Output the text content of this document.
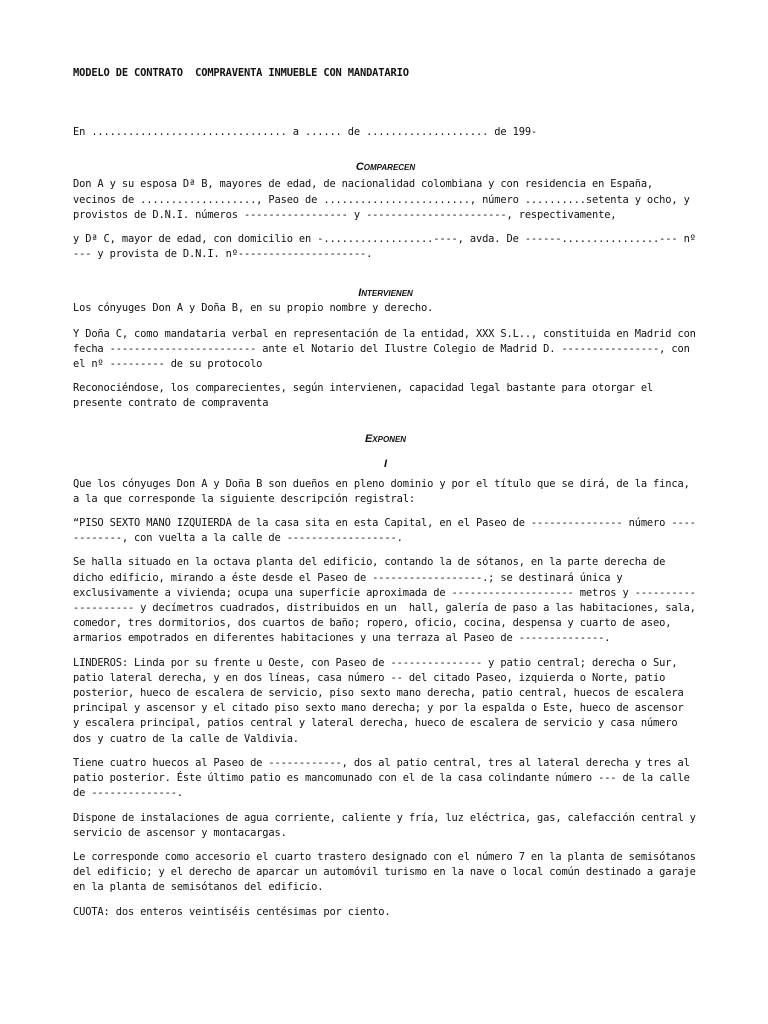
MODELO DE CONTRATO  COMPRAVENTA INMUEBLE CON MANDATARIO

En ................................ a ...... de .................... de 199-

Comparecen

Don A y su esposa Dª B, mayores de edad, de nacionalidad colombiana y con residencia en España, vecinos de ..................., Paseo de ........................, número ..........setenta y ocho, y provistos de D.N.I. números ----------------- y -----------------------, respectivamente,

y Dª C, mayor de edad, con domicilio en -..................----, avda. De ------................--- nº --- y provista de D.N.I. nº---------------------.

Intervienen

Los cónyuges Don A y Doña B, en su propio nombre y derecho.

Y Doña C, como mandataria verbal en representación de la entidad, XXX S.L.., constituida en Madrid con fecha ------------------------ ante el Notario del Ilustre Colegio de Madrid D. ----------------, con el nº --------- de su protocolo

Reconociéndose, los comparecientes, según intervienen, capacidad legal bastante para otorgar el presente contrato de compraventa

Exponen

I

Que los cónyuges Don A y Doña B son dueños en pleno dominio y por el título que se dirá, de la finca, a la que corresponde la siguiente descripción registral:

“PISO SEXTO MANO IZQUIERDA de la casa sita en esta Capital, en el Paseo de --------------- número ------------, con vuelta a la calle de ------------------.

Se halla situado en la octava planta del edificio, contando la de sótanos, en la parte derecha de dicho edificio, mirando a éste desde el Paseo de ------------------.; se destinará única y exclusivamente a vivienda; ocupa una superficie aproximada de -------------------- metros y -------------------- y decímetros cuadrados, distribuidos en un  hall, galería de paso a las habitaciones, sala, comedor, tres dormitorios, dos cuartos de baño; ropero, oficio, cocina, despensa y cuarto de aseo, armarios empotrados en diferentes habitaciones y una terraza al Paseo de --------------.

LINDEROS: Linda por su frente u Oeste, con Paseo de --------------- y patio central; derecha o Sur, patio lateral derecha, y en dos líneas, casa número -- del citado Paseo, izquierda o Norte, patio posterior, hueco de escalera de servicio, piso sexto mano derecha, patio central, huecos de escalera principal y ascensor y el citado piso sexto mano derecha; y por la espalda o Este, hueco de ascensor  y escalera principal, patios central y lateral derecha, hueco de escalera de servicio y casa número dos y cuatro de la calle de Valdivia.

Tiene cuatro huecos al Paseo de ------------, dos al patio central, tres al lateral derecha y tres al patio posterior. Éste último patio es mancomunado con el de la casa colindante número --- de la calle de --------------.

Dispone de instalaciones de agua corriente, caliente y fría, luz eléctrica, gas, calefacción central y servicio de ascensor y montacargas.

Le corresponde como accesorio el cuarto trastero designado con el número 7 en la planta de semisótanos del edificio; y el derecho de aparcar un automóvil turismo en la nave o local común destinado a garaje en la planta de semisótanos del edificio.

CUOTA: dos enteros veintiséis centésimas por ciento.
